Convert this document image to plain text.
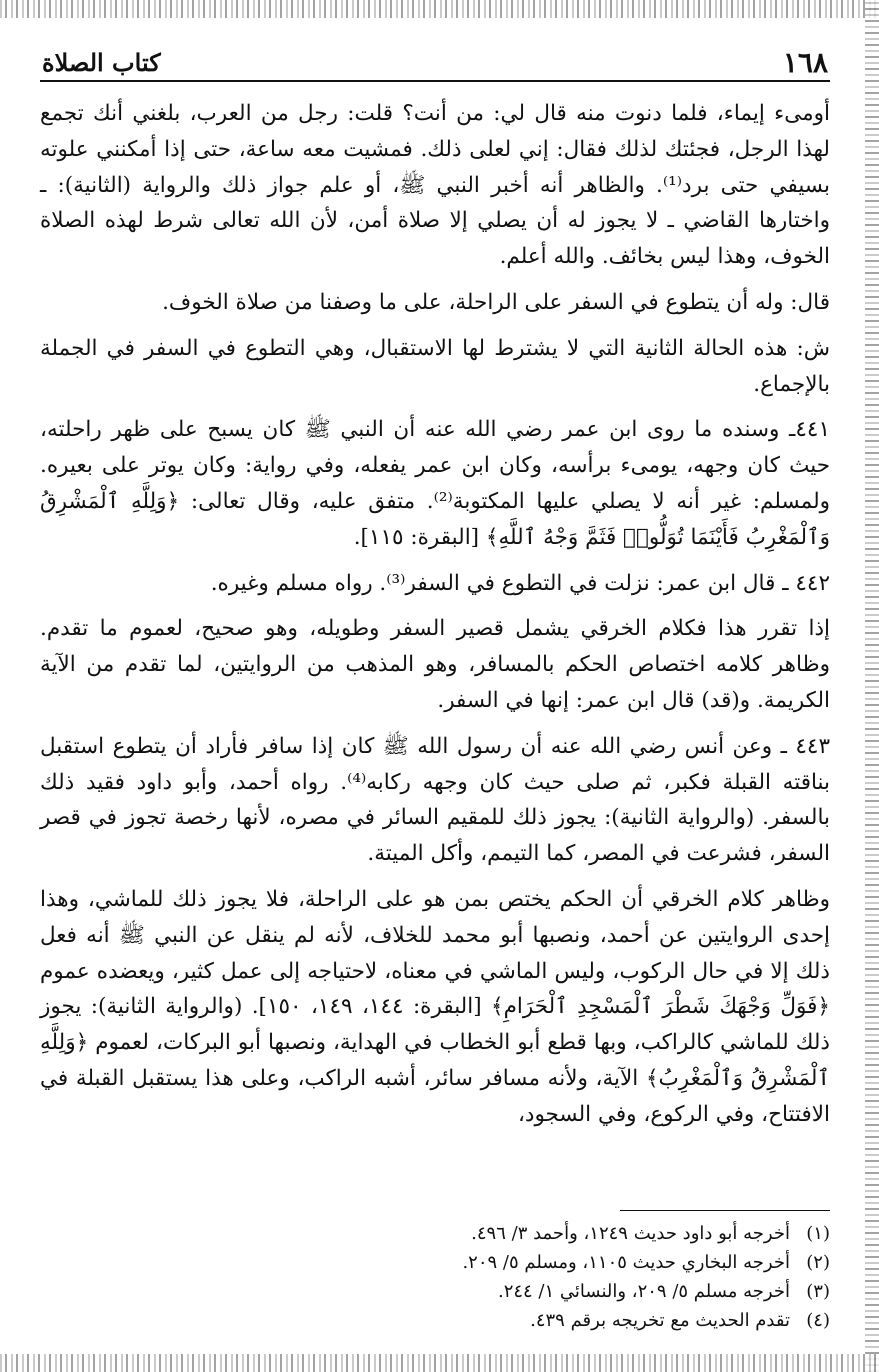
١٦٨
كتاب الصلاة

أومىء إيماء، فلما دنوت منه قال لي: من أنت؟ قلت: رجل من العرب، بلغني أنك تجمع لهذا الرجل، فجئتك لذلك فقال: إني لعلى ذلك. فمشيت معه ساعة، حتى إذا أمكنني علوته بسيفي حتى برد⁽¹⁾. والظاهر أنه أخبر النبي ﷺ، أو علم جواز ذلك والرواية (الثانية): ـ واختارها القاضي ـ لا يجوز له أن يصلي إلا صلاة أمن، لأن الله تعالى شرط لهذه الصلاة الخوف، وهذا ليس بخائف. والله أعلم.

قال: وله أن يتطوع في السفر على الراحلة، على ما وصفنا من صلاة الخوف.

ش: هذه الحالة الثانية التي لا يشترط لها الاستقبال، وهي التطوع في السفر في الجملة بالإجماع.

٤٤١ـ وسنده ما روى ابن عمر رضي الله عنه أن النبي ﷺ كان يسبح على ظهر راحلته، حيث كان وجهه، يومىء برأسه، وكان ابن عمر يفعله، وفي رواية: وكان يوتر على بعيره. ولمسلم: غير أنه لا يصلي عليها المكتوبة⁽²⁾. متفق عليه، وقال تعالى: ﴿وَلِلَّهِ ٱلْمَشْرِقُ وَٱلْمَغْرِبُ فَأَيْنَمَا تُوَلُّوا۟ فَثَمَّ وَجْهُ ٱللَّهِ﴾ [البقرة: ١١٥].

٤٤٢ ـ قال ابن عمر: نزلت في التطوع في السفر⁽³⁾. رواه مسلم وغيره.

إذا تقرر هذا فكلام الخرقي يشمل قصير السفر وطويله، وهو صحيح، لعموم ما تقدم. وظاهر كلامه اختصاص الحكم بالمسافر، وهو المذهب من الروايتين، لما تقدم من الآية الكريمة. و(قد) قال ابن عمر: إنها في السفر.

٤٤٣ ـ وعن أنس رضي الله عنه أن رسول الله ﷺ كان إذا سافر فأراد أن يتطوع استقبل بناقته القبلة فكبر، ثم صلى حيث كان وجهه ركابه⁽⁴⁾. رواه أحمد، وأبو داود فقيد ذلك بالسفر. (والرواية الثانية): يجوز ذلك للمقيم السائر في مصره، لأنها رخصة تجوز في قصر السفر، فشرعت في المصر، كما التيمم، وأكل الميتة.

وظاهر كلام الخرقي أن الحكم يختص بمن هو على الراحلة، فلا يجوز ذلك للماشي، وهذا إحدى الروايتين عن أحمد، ونصبها أبو محمد للخلاف، لأنه لم ينقل عن النبي ﷺ أنه فعل ذلك إلا في حال الركوب، وليس الماشي في معناه، لاحتياجه إلى عمل كثير، ويعضده عموم ﴿فَوَلِّ وَجْهَكَ شَطْرَ ٱلْمَسْجِدِ ٱلْحَرَامِ﴾ [البقرة: ١٤٤، ١٤٩، ١٥٠]. (والرواية الثانية): يجوز ذلك للماشي كالراكب، وبها قطع أبو الخطاب في الهداية، ونصبها أبو البركات، لعموم ﴿وَلِلَّهِ ٱلْمَشْرِقُ وَٱلْمَغْرِبُ﴾ الآية، ولأنه مسافر سائر، أشبه الراكب، وعلى هذا يستقبل القبلة في الافتتاح، وفي الركوع، وفي السجود،

(١)
أخرجه أبو داود حديث ١٢٤٩، وأحمد ٣/ ٤٩٦.
(٢)
أخرجه البخاري حديث ١١٠٥، ومسلم ٥/ ٢٠٩.
(٣)
أخرجه مسلم ٥/ ٢٠٩، والنسائي ١/ ٢٤٤.
(٤)
تقدم الحديث مع تخريجه برقم ٤٣٩.
